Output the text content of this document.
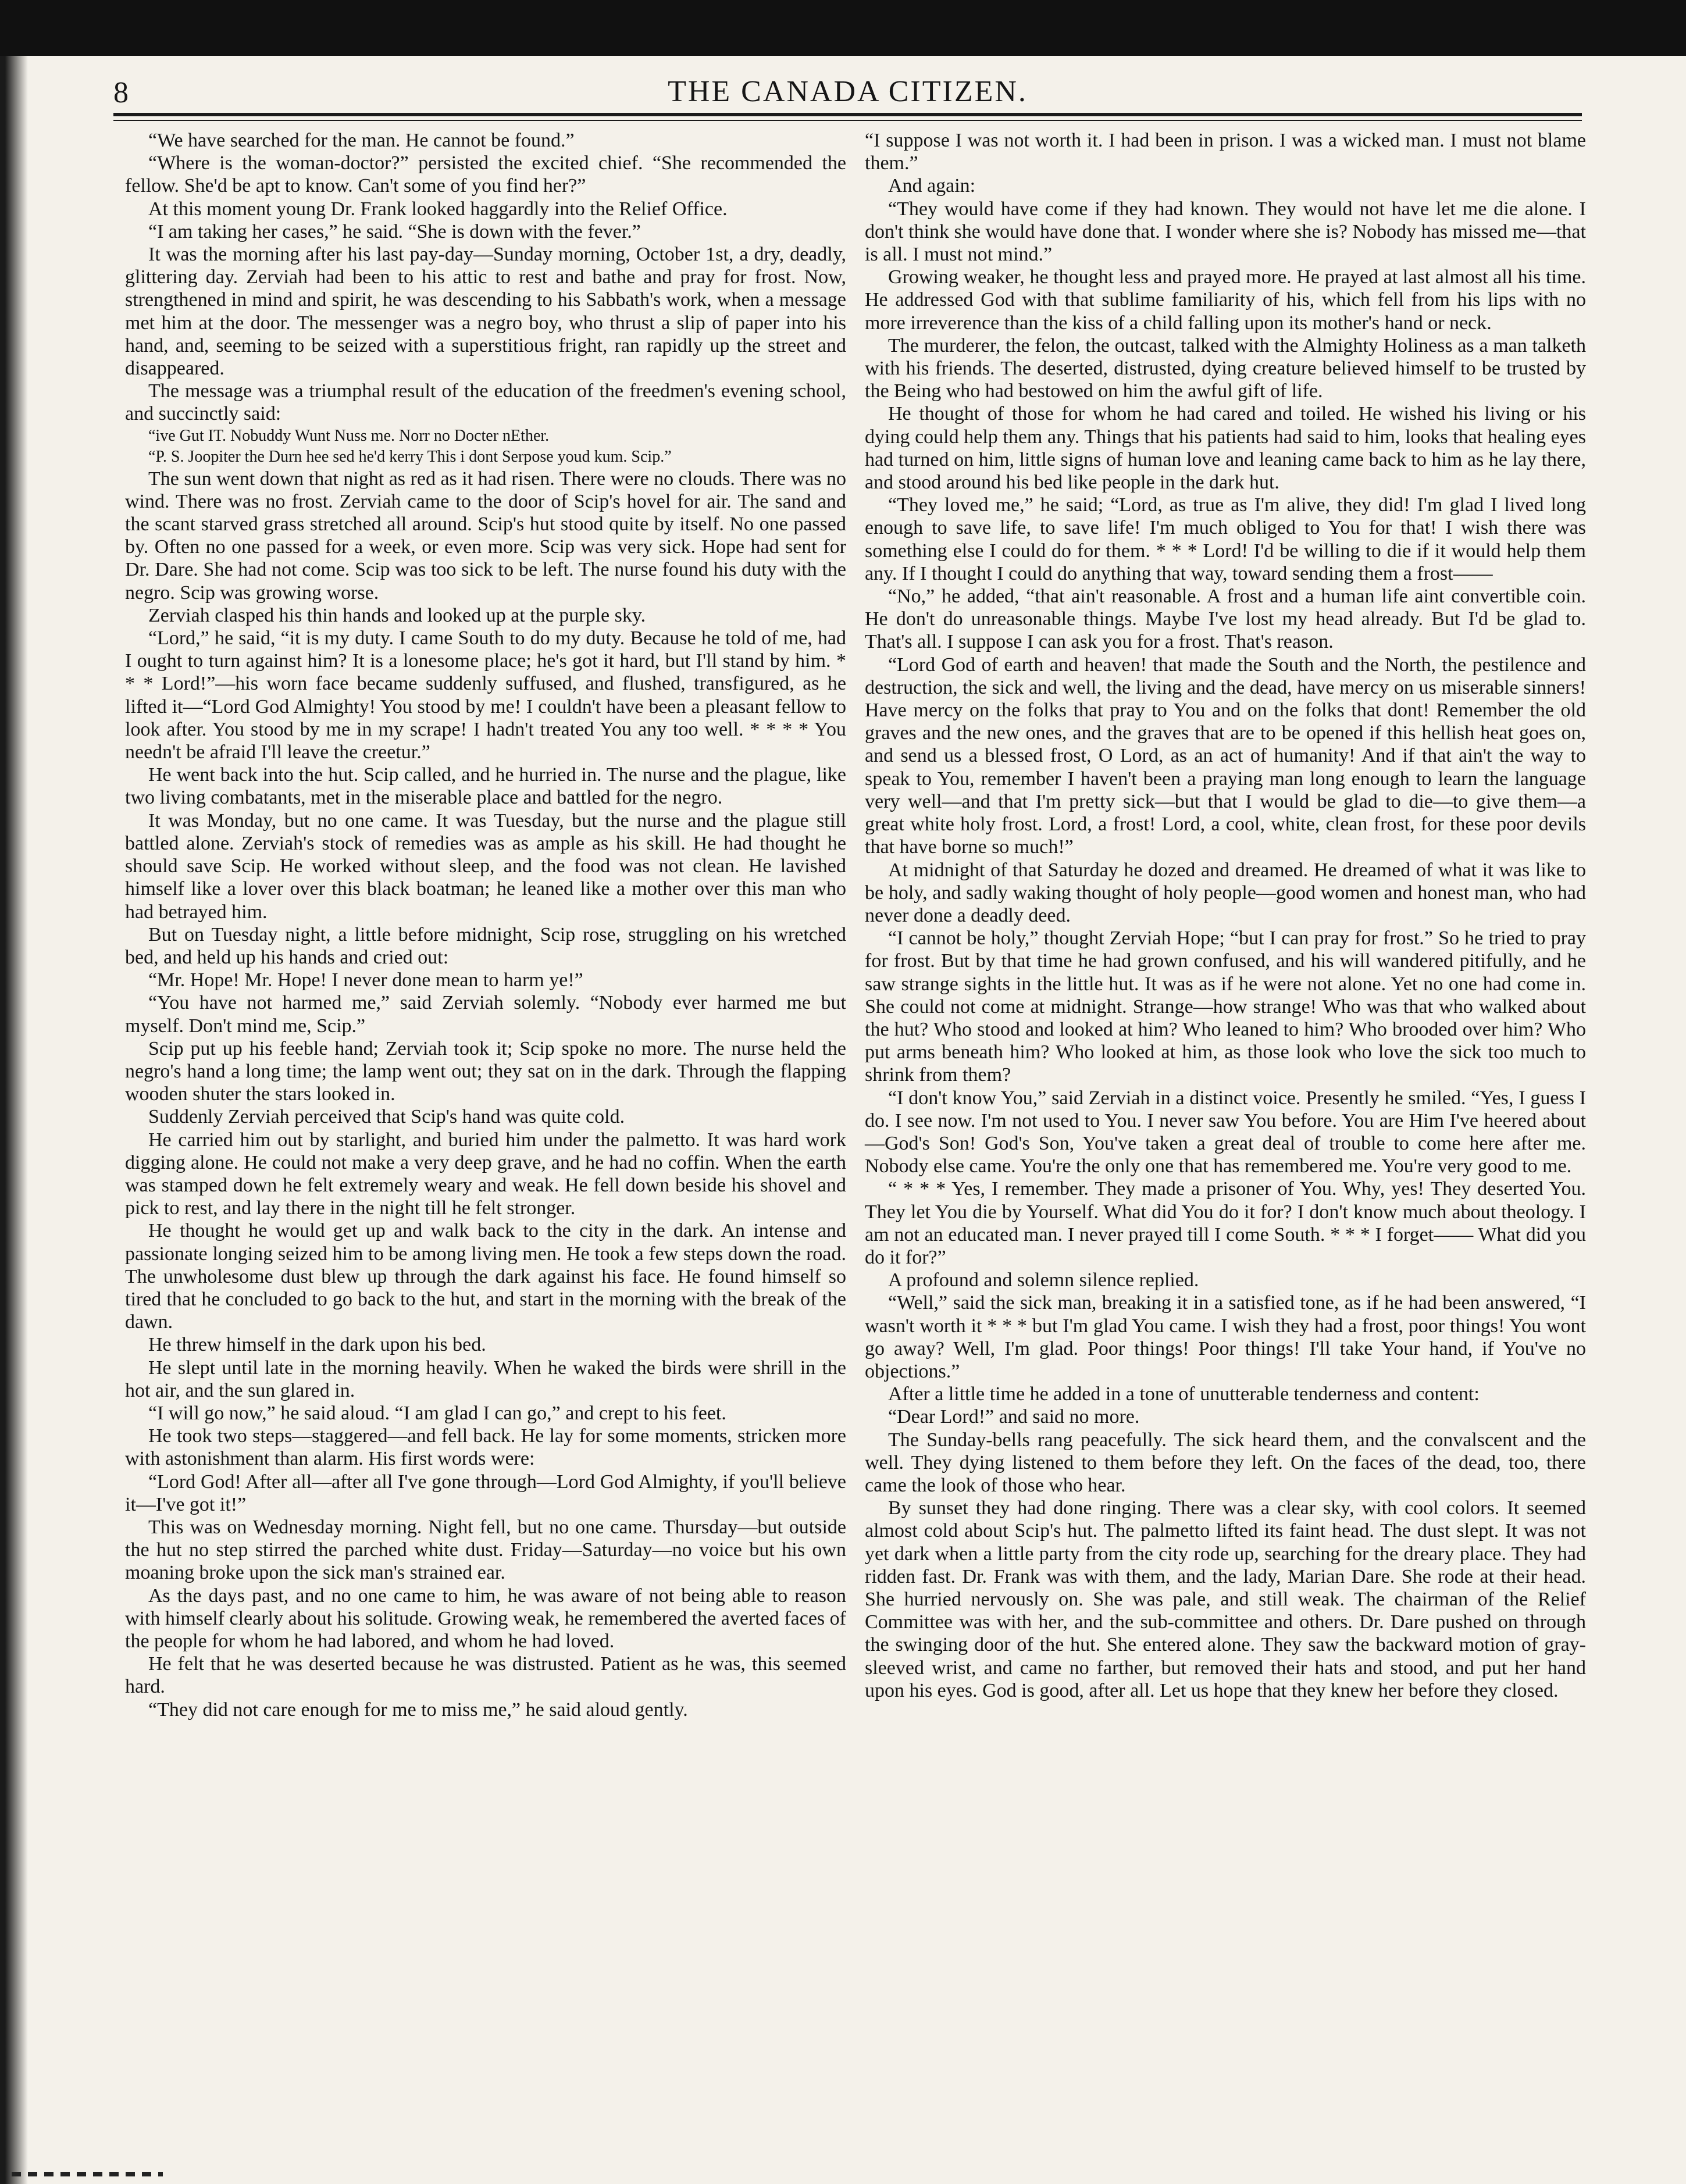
8	THE CANADA CITIZEN.

“We have searched for the man. He cannot be found.”

“Where is the woman-doctor?” persisted the excited chief. “She recommended the fellow. She'd be apt to know. Can't some of you find her?”

At this moment young Dr. Frank looked haggardly into the Relief Office.

“I am taking her cases,” he said. “She is down with the fever.”

It was the morning after his last pay-day—Sunday morning, October 1st, a dry, deadly, glittering day. Zerviah had been to his attic to rest and bathe and pray for frost. Now, strengthened in mind and spirit, he was descending to his Sabbath's work, when a message met him at the door. The messenger was a negro boy, who thrust a slip of paper into his hand, and, seeming to be seized with a superstitious fright, ran rapidly up the street and disappeared.

The message was a triumphal result of the education of the freedmen's evening school, and succinctly said:

“ive Gut IT. Nobuddy Wunt Nuss me. Norr no Docter nEther.

“P. S. Joopiter the Durn hee sed he'd kerry This i dont Serpose youd kum. Scip.”

The sun went down that night as red as it had risen. There were no clouds. There was no wind. There was no frost. Zerviah came to the door of Scip's hovel for air. The sand and the scant starved grass stretched all around. Scip's hut stood quite by itself. No one passed by. Often no one passed for a week, or even more. Scip was very sick. Hope had sent for Dr. Dare. She had not come. Scip was too sick to be left. The nurse found his duty with the negro. Scip was growing worse.

Zerviah clasped his thin hands and looked up at the purple sky.

“Lord,” he said, “it is my duty. I came South to do my duty. Because he told of me, had I ought to turn against him? It is a lonesome place; he's got it hard, but I'll stand by him. * * * Lord!”—his worn face became suddenly suffused, and flushed, transfigured, as he lifted it—“Lord God Almighty! You stood by me! I couldn't have been a pleasant fellow to look after. You stood by me in my scrape! I hadn't treated You any too well. * * * * You needn't be afraid I'll leave the creetur.”

He went back into the hut. Scip called, and he hurried in. The nurse and the plague, like two living combatants, met in the miserable place and battled for the negro.

It was Monday, but no one came. It was Tuesday, but the nurse and the plague still battled alone. Zerviah's stock of remedies was as ample as his skill. He had thought he should save Scip. He worked without sleep, and the food was not clean. He lavished himself like a lover over this black boatman; he leaned like a mother over this man who had betrayed him.

But on Tuesday night, a little before midnight, Scip rose, struggling on his wretched bed, and held up his hands and cried out:

“Mr. Hope! Mr. Hope! I never done mean to harm ye!”

“You have not harmed me,” said Zerviah solemly. “Nobody ever harmed me but myself. Don't mind me, Scip.”

Scip put up his feeble hand; Zerviah took it; Scip spoke no more. The nurse held the negro's hand a long time; the lamp went out; they sat on in the dark. Through the flapping wooden shuter the stars looked in.

Suddenly Zerviah perceived that Scip's hand was quite cold.

He carried him out by starlight, and buried him under the palmetto. It was hard work digging alone. He could not make a very deep grave, and he had no coffin. When the earth was stamped down he felt extremely weary and weak. He fell down beside his shovel and pick to rest, and lay there in the night till he felt stronger.

He thought he would get up and walk back to the city in the dark. An intense and passionate longing seized him to be among living men. He took a few steps down the road. The unwholesome dust blew up through the dark against his face. He found himself so tired that he concluded to go back to the hut, and start in the morning with the break of the dawn.

He threw himself in the dark upon his bed.

He slept until late in the morning heavily. When he waked the birds were shrill in the hot air, and the sun glared in.

“I will go now,” he said aloud. “I am glad I can go,” and crept to his feet.

He took two steps—staggered—and fell back. He lay for some moments, stricken more with astonishment than alarm. His first words were:

“Lord God! After all—after all I've gone through—Lord God Almighty, if you'll believe it—I've got it!”

This was on Wednesday morning. Night fell, but no one came. Thursday—but outside the hut no step stirred the parched white dust. Friday—Saturday—no voice but his own moaning broke upon the sick man's strained ear.

As the days past, and no one came to him, he was aware of not being able to reason with himself clearly about his solitude. Growing weak, he remembered the averted faces of the people for whom he had labored, and whom he had loved.

He felt that he was deserted because he was distrusted. Patient as he was, this seemed hard.

“They did not care enough for me to miss me,” he said aloud gently.

“I suppose I was not worth it. I had been in prison. I was a wicked man. I must not blame them.”

And again:

“They would have come if they had known. They would not have let me die alone. I don't think she would have done that. I wonder where she is? Nobody has missed me—that is all. I must not mind.”

Growing weaker, he thought less and prayed more. He prayed at last almost all his time. He addressed God with that sublime familiarity of his, which fell from his lips with no more irreverence than the kiss of a child falling upon its mother's hand or neck.

The murderer, the felon, the outcast, talked with the Almighty Holiness as a man talketh with his friends. The deserted, distrusted, dying creature believed himself to be trusted by the Being who had bestowed on him the awful gift of life.

He thought of those for whom he had cared and toiled. He wished his living or his dying could help them any. Things that his patients had said to him, looks that healing eyes had turned on him, little signs of human love and leaning came back to him as he lay there, and stood around his bed like people in the dark hut.

“They loved me,” he said; “Lord, as true as I'm alive, they did! I'm glad I lived long enough to save life, to save life! I'm much obliged to You for that! I wish there was something else I could do for them. * * * Lord! I'd be willing to die if it would help them any. If I thought I could do anything that way, toward sending them a frost——

“No,” he added, “that ain't reasonable. A frost and a human life aint convertible coin. He don't do unreasonable things. Maybe I've lost my head already. But I'd be glad to. That's all. I suppose I can ask you for a frost. That's reason.

“Lord God of earth and heaven! that made the South and the North, the pestilence and destruction, the sick and well, the living and the dead, have mercy on us miserable sinners! Have mercy on the folks that pray to You and on the folks that dont! Remember the old graves and the new ones, and the graves that are to be opened if this hellish heat goes on, and send us a blessed frost, O Lord, as an act of humanity! And if that ain't the way to speak to You, remember I haven't been a praying man long enough to learn the language very well—and that I'm pretty sick—but that I would be glad to die—to give them—a great white holy frost. Lord, a frost! Lord, a cool, white, clean frost, for these poor devils that have borne so much!”

At midnight of that Saturday he dozed and dreamed. He dreamed of what it was like to be holy, and sadly waking thought of holy people—good women and honest man, who had never done a deadly deed.

“I cannot be holy,” thought Zerviah Hope; “but I can pray for frost.” So he tried to pray for frost. But by that time he had grown confused, and his will wandered pitifully, and he saw strange sights in the little hut. It was as if he were not alone. Yet no one had come in. She could not come at midnight. Strange—how strange! Who was that who walked about the hut? Who stood and looked at him? Who leaned to him? Who brooded over him? Who put arms beneath him? Who looked at him, as those look who love the sick too much to shrink from them?

“I don't know You,” said Zerviah in a distinct voice. Presently he smiled. “Yes, I guess I do. I see now. I'm not used to You. I never saw You before. You are Him I've heered about—God's Son! God's Son, You've taken a great deal of trouble to come here after me. Nobody else came. You're the only one that has remembered me. You're very good to me.

“ * * * Yes, I remember. They made a prisoner of You. Why, yes! They deserted You. They let You die by Yourself. What did You do it for? I don't know much about theology. I am not an educated man. I never prayed till I come South. * * * I forget—— What did you do it for?”

A profound and solemn silence replied.

“Well,” said the sick man, breaking it in a satisfied tone, as if he had been answered, “I wasn't worth it * * * but I'm glad You came. I wish they had a frost, poor things! You wont go away? Well, I'm glad. Poor things! Poor things! I'll take Your hand, if You've no objections.”

After a little time he added in a tone of unutterable tenderness and content:

“Dear Lord!” and said no more.

The Sunday-bells rang peacefully. The sick heard them, and the convalscent and the well. They dying listened to them before they left. On the faces of the dead, too, there came the look of those who hear.

By sunset they had done ringing. There was a clear sky, with cool colors. It seemed almost cold about Scip's hut. The palmetto lifted its faint head. The dust slept. It was not yet dark when a little party from the city rode up, searching for the dreary place. They had ridden fast. Dr. Frank was with them, and the lady, Marian Dare. She rode at their head. She hurried nervously on. She was pale, and still weak. The chairman of the Relief Committee was with her, and the sub-committee and others. Dr. Dare pushed on through the swinging door of the hut. She entered alone. They saw the backward motion of gray-sleeved wrist, and came no farther, but removed their hats and stood, and put her hand upon his eyes. God is good, after all. Let us hope that they knew her before they closed.
